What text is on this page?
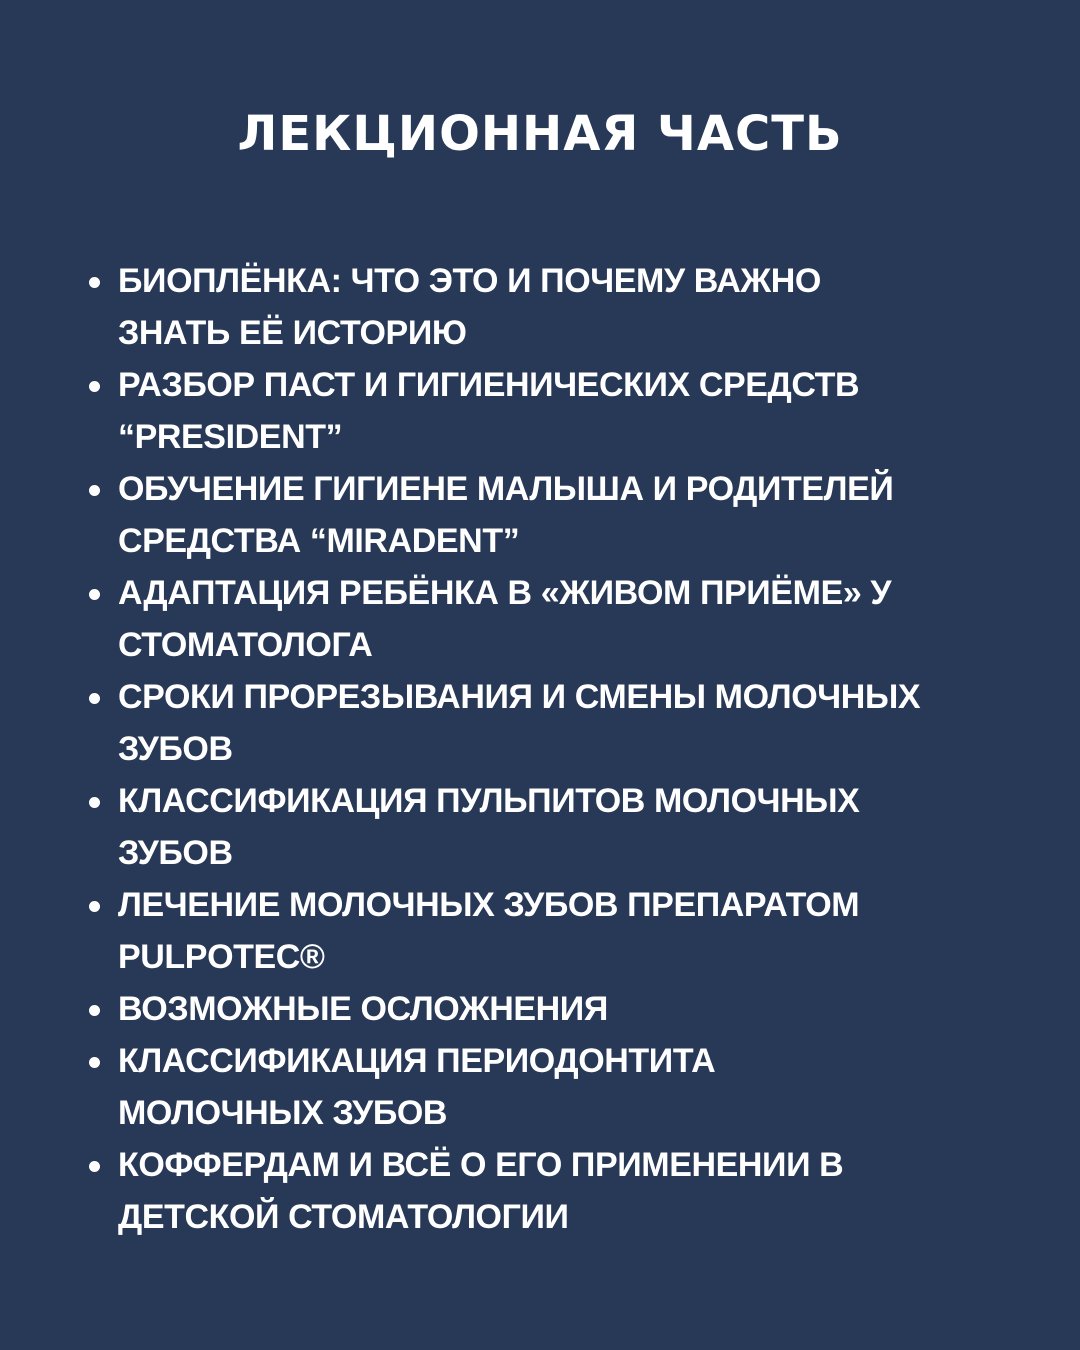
ЛЕКЦИОННАЯ ЧАСТЬ
БИОПЛЁНКА: ЧТО ЭТО И ПОЧЕМУ ВАЖНО
ЗНАТЬ ЕЁ ИСТОРИЮ
РАЗБОР ПАСТ И ГИГИЕНИЧЕСКИХ СРЕДСТВ
“PRESIDENT”
ОБУЧЕНИЕ ГИГИЕНЕ МАЛЫША И РОДИТЕЛЕЙ
СРЕДСТВА “MIRADENT”
АДАПТАЦИЯ РЕБЁНКА В «ЖИВОМ ПРИЁМЕ» У
СТОМАТОЛОГА
СРОКИ ПРОРЕЗЫВАНИЯ И СМЕНЫ МОЛОЧНЫХ
ЗУБОВ
КЛАССИФИКАЦИЯ ПУЛЬПИТОВ МОЛОЧНЫХ
ЗУБОВ
ЛЕЧЕНИЕ МОЛОЧНЫХ ЗУБОВ ПРЕПАРАТОМ
PULPOTEC®
ВОЗМОЖНЫЕ ОСЛОЖНЕНИЯ
КЛАССИФИКАЦИЯ ПЕРИОДОНТИТА
МОЛОЧНЫХ ЗУБОВ
КОФФЕРДАМ И ВСЁ О ЕГО ПРИМЕНЕНИИ В
ДЕТСКОЙ СТОМАТОЛОГИИ
